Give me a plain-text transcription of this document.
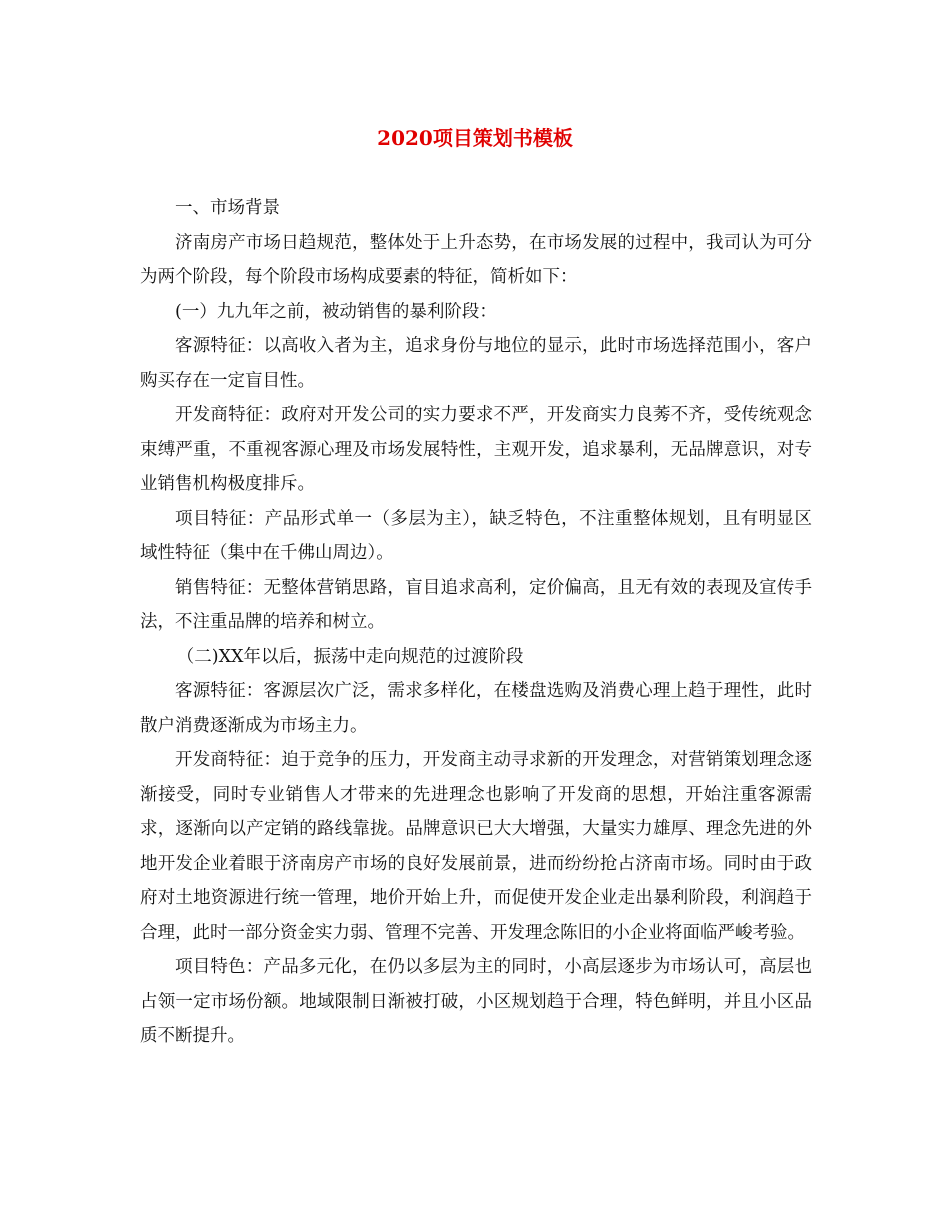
2020项目策划书模板

一、市场背景

济南房产市场日趋规范，整体处于上升态势，在市场发展的过程中，我司认为可分为两个阶段，每个阶段市场构成要素的特征，简析如下：

(一）九九年之前，被动销售的暴利阶段：

客源特征：以高收入者为主，追求身份与地位的显示，此时市场选择范围小，客户购买存在一定盲目性。

开发商特征：政府对开发公司的实力要求不严，开发商实力良莠不齐，受传统观念束缚严重，不重视客源心理及市场发展特性，主观开发，追求暴利，无品牌意识，对专业销售机构极度排斥。

项目特征：产品形式单一（多层为主），缺乏特色，不注重整体规划，且有明显区域性特征（集中在千佛山周边）。

销售特征：无整体营销思路，盲目追求高利，定价偏高，且无有效的表现及宣传手法，不注重品牌的培养和树立。

（二)XX年以后，振荡中走向规范的过渡阶段

客源特征：客源层次广泛，需求多样化，在楼盘选购及消费心理上趋于理性，此时散户消费逐渐成为市场主力。

开发商特征：迫于竞争的压力，开发商主动寻求新的开发理念，对营销策划理念逐渐接受，同时专业销售人才带来的先进理念也影响了开发商的思想，开始注重客源需求，逐渐向以产定销的路线靠拢。品牌意识已大大增强，大量实力雄厚、理念先进的外地开发企业着眼于济南房产市场的良好发展前景，进而纷纷抢占济南市场。同时由于政府对土地资源进行统一管理，地价开始上升，而促使开发企业走出暴利阶段，利润趋于合理，此时一部分资金实力弱、管理不完善、开发理念陈旧的小企业将面临严峻考验。

项目特色：产品多元化，在仍以多层为主的同时，小高层逐步为市场认可，高层也占领一定市场份额。地域限制日渐被打破，小区规划趋于合理，特色鲜明，并且小区品质不断提升。
